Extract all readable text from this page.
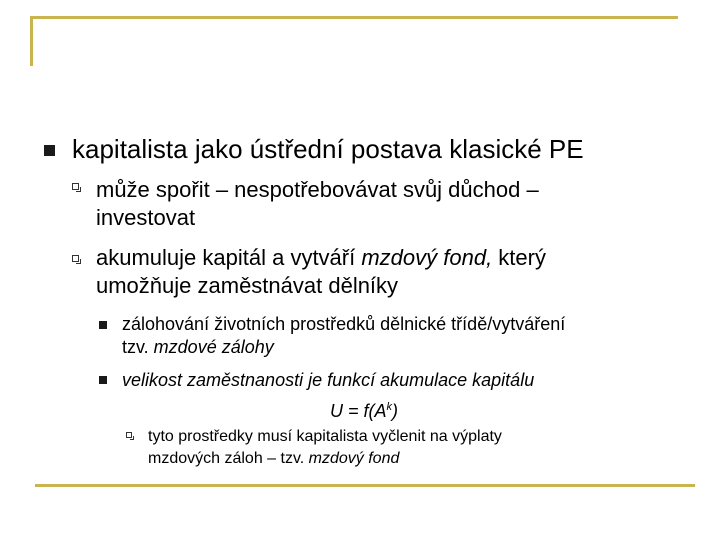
kapitalista jako ústřední postava klasické PE
může spořit – nespotřebovávat svůj důchod –
investovat
akumuluje kapitál a vytváří mzdový fond, který
umožňuje zaměstnávat dělníky
zálohování životních prostředků dělnické třídě/vytváření
tzv. mzdové zálohy
velikost zaměstnanosti je funkcí akumulace kapitálu
$U = f(A^k)$
tyto prostředky musí kapitalista vyčlenit na výplaty
mzdových záloh – tzv. mzdový fond
